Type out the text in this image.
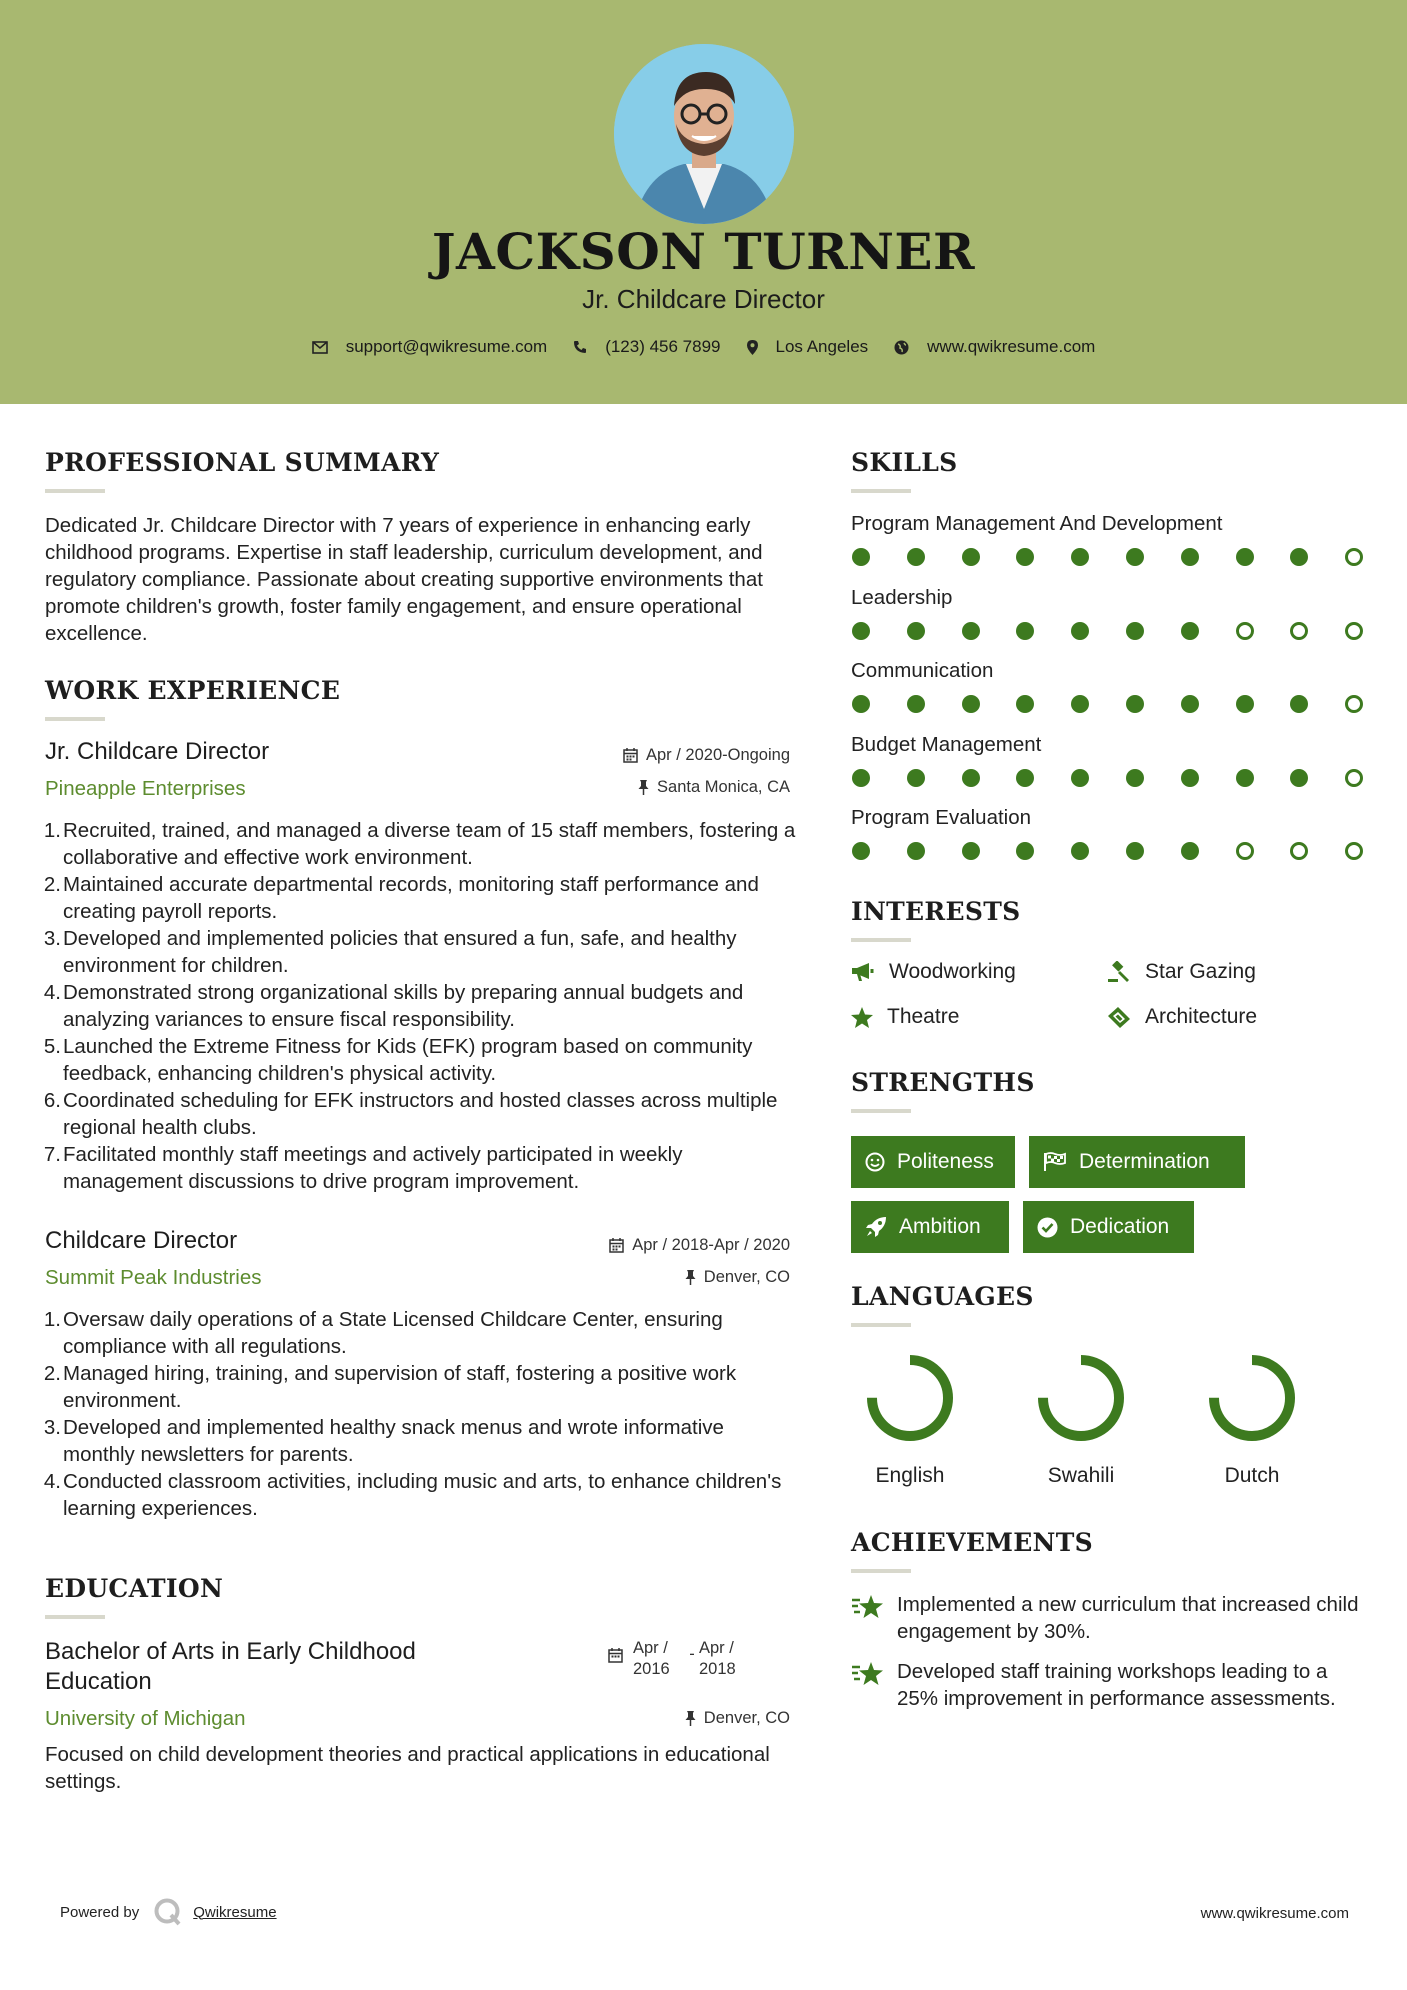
JACKSON TURNER
Jr. Childcare Director
support@qwikresume.com	(123) 456 7899	Los Angeles	www.qwikresume.com
PROFESSIONAL SUMMARY
Dedicated Jr. Childcare Director with 7 years of experience in enhancing early childhood programs. Expertise in staff leadership, curriculum development, and regulatory compliance. Passionate about creating supportive environments that promote children's growth, foster family engagement, and ensure operational excellence.
WORK EXPERIENCE
Jr. Childcare Director	Apr / 2020-Ongoing
Pineapple Enterprises	Santa Monica, CA
1. Recruited, trained, and managed a diverse team of 15 staff members, fostering a collaborative and effective work environment.
2. Maintained accurate departmental records, monitoring staff performance and creating payroll reports.
3. Developed and implemented policies that ensured a fun, safe, and healthy environment for children.
4. Demonstrated strong organizational skills by preparing annual budgets and analyzing variances to ensure fiscal responsibility.
5. Launched the Extreme Fitness for Kids (EFK) program based on community feedback, enhancing children's physical activity.
6. Coordinated scheduling for EFK instructors and hosted classes across multiple regional health clubs.
7. Facilitated monthly staff meetings and actively participated in weekly management discussions to drive program improvement.
Childcare Director	Apr / 2018-Apr / 2020
Summit Peak Industries	Denver, CO
1. Oversaw daily operations of a State Licensed Childcare Center, ensuring compliance with all regulations.
2. Managed hiring, training, and supervision of staff, fostering a positive work environment.
3. Developed and implemented healthy snack menus and wrote informative monthly newsletters for parents.
4. Conducted classroom activities, including music and arts, to enhance children's learning experiences.
EDUCATION
Bachelor of Arts in Early Childhood Education
Apr / 2016
- Apr / 2018
University of Michigan	Denver, CO
Focused on child development theories and practical applications in educational settings.
SKILLS
Program Management And Development
Leadership
Communication
Budget Management
Program Evaluation
INTERESTS
Woodworking	Star Gazing
Theatre	Architecture
STRENGTHS
Politeness	Determination
Ambition	Dedication
LANGUAGES
English	Swahili	Dutch
ACHIEVEMENTS
Implemented a new curriculum that increased child engagement by 30%.
Developed staff training workshops leading to a 25% improvement in performance assessments.
Powered by	Qwikresume	www.qwikresume.com
